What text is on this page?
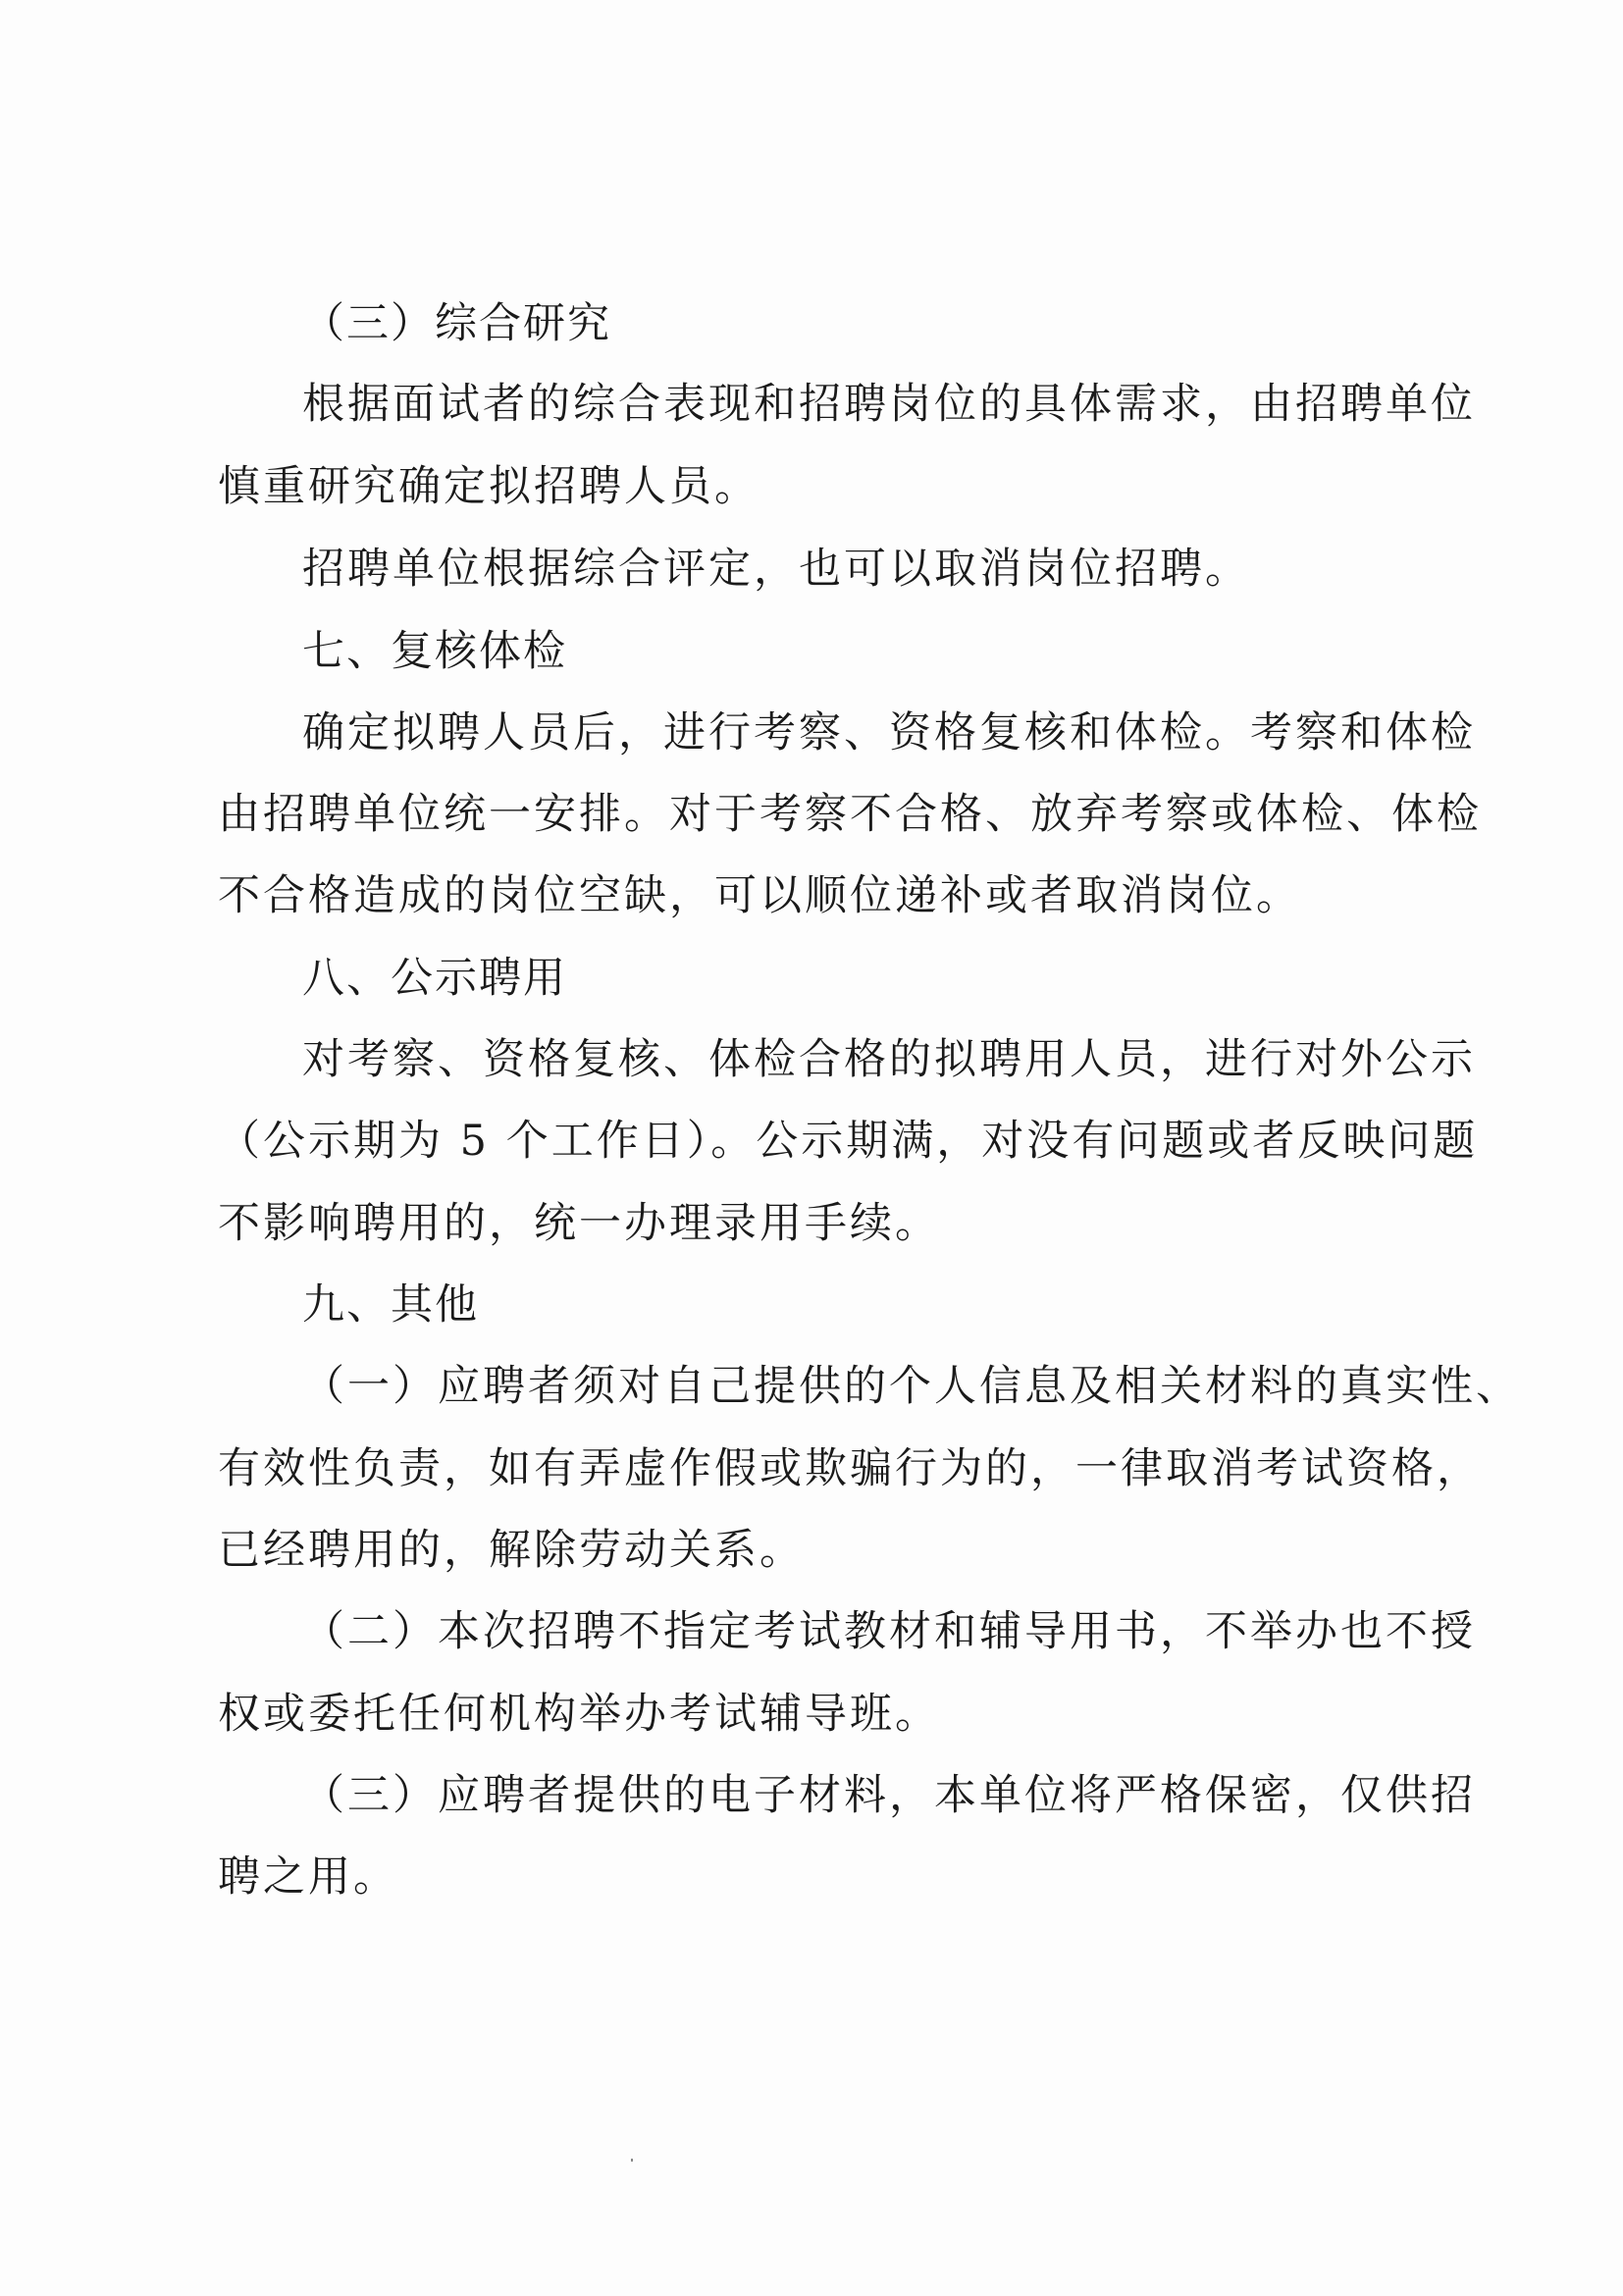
（三）综合研究
根据面试者的综合表现和招聘岗位的具体需求，由招聘单位
慎重研究确定拟招聘人员。
招聘单位根据综合评定，也可以取消岗位招聘。
七、复核体检
确定拟聘人员后，进行考察、资格复核和体检。考察和体检
由招聘单位统一安排。对于考察不合格、放弃考察或体检、体检
不合格造成的岗位空缺，可以顺位递补或者取消岗位。
八、公示聘用
对考察、资格复核、体检合格的拟聘用人员，进行对外公示
（公示期为 5 个工作日）。公示期满，对没有问题或者反映问题
不影响聘用的，统一办理录用手续。
九、其他
（一）应聘者须对自己提供的个人信息及相关材料的真实性、
有效性负责，如有弄虚作假或欺骗行为的，一律取消考试资格，
已经聘用的，解除劳动关系。
（二）本次招聘不指定考试教材和辅导用书，不举办也不授
权或委托任何机构举办考试辅导班。
（三）应聘者提供的电子材料，本单位将严格保密，仅供招
聘之用。
